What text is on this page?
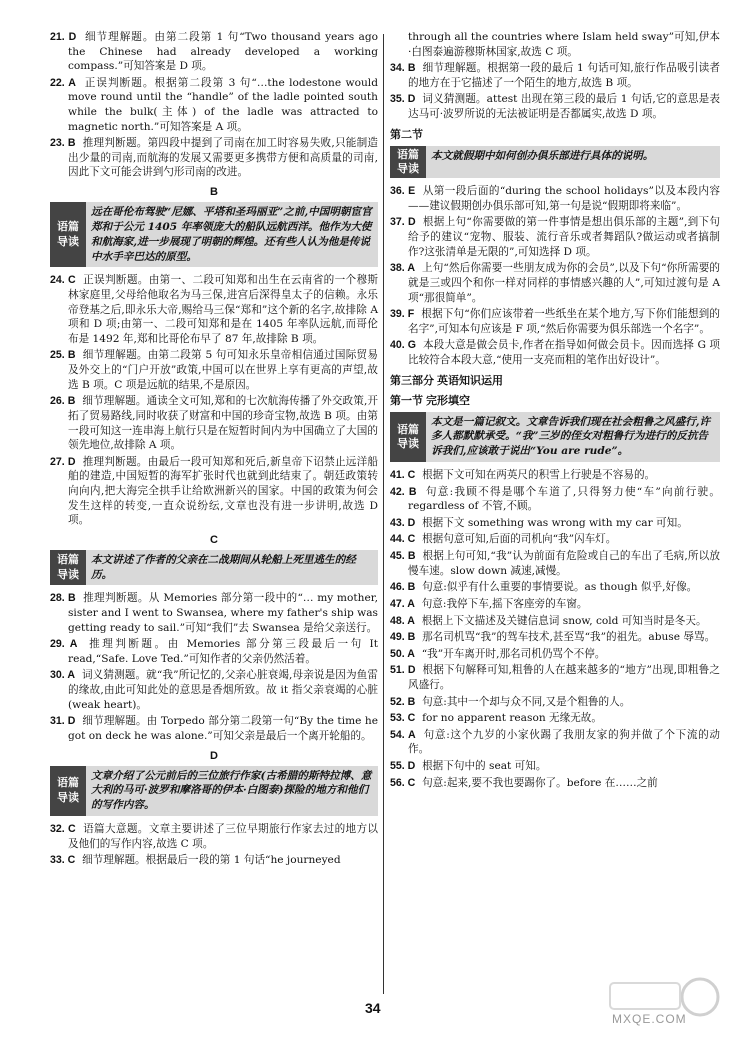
21. D 细节理解题。由第二段第 1 句“Two thousand years ago the Chinese had already developed a working compass.”可知答案是 D 项。

22. A 正误判断题。根据第二段第 3 句“…the lodestone would move round until the “handle” of the ladle pointed south while the bulk(主体) of the ladle was attracted to magnetic north.”可知答案是 A 项。

23. B 推理判断题。第四段中提到了司南在加工时容易失败,只能制造出少量的司南,而航海的发展又需要更多携带方便和高质量的司南,因此下文可能会讲到勺形司南的改进。

B
语篇
导读
远在哥伦布驾驶“尼娜、平塔和圣玛丽亚”之前,中国明朝宦官郑和于公元 1405 年率领庞大的船队远航西洋。他作为大使和航海家,进一步展现了明朝的辉煌。还有些人认为他是传说中水手辛巴达的原型。

24. C 正误判断题。由第一、二段可知郑和出生在云南省的一个穆斯林家庭里,父母给他取名为马三保,进宫后深得皇太子的信赖。永乐帝登基之后,即永乐大帝,赐给马三保“郑和”这个新的名字,故排除 A 项和 D 项;由第一、二段可知郑和是在 1405 年率队远航,而哥伦布是 1492 年,郑和比哥伦布早了 87 年,故排除 B 项。

25. B 细节理解题。由第二段第 5 句可知永乐皇帝相信通过国际贸易及外交上的“门户开放”政策,中国可以在世界上享有更高的声望,故选 B 项。C 项是远航的结果,不是原因。

26. B 细节理解题。通读全文可知,郑和的七次航海传播了外交政策,开拓了贸易路线,同时收获了财富和中国的珍奇宝物,故选 B 项。由第一段可知这一连串海上航行只是在短暂时间内为中国确立了大国的领先地位,故排除 A 项。

27. D 推理判断题。由最后一段可知郑和死后,新皇帝下诏禁止远洋船舶的建造,中国短暂的海军扩张时代也就到此结束了。朝廷政策转向向内,把大海完全拱手让给欧洲新兴的国家。中国的政策为何会发生这样的转变,一直众说纷纭,文章也没有进一步讲明,故选 D 项。

C
语篇
导读
本文讲述了作者的父亲在二战期间从轮船上死里逃生的经历。

28. B 推理判断题。从 Memories 部分第一段中的“… my mother, sister and I went to Swansea, where my father's ship was getting ready to sail.”可知“我们”去 Swansea 是给父亲送行。

29. A 推理判断题。由 Memories 部分第三段最后一句 It read,“Safe. Love Ted.”可知作者的父亲仍然活着。

30. A 词义猜测题。就“我”所记忆的,父亲心脏衰竭,母亲说是因为鱼雷的缘故,由此可知此处的意思是香烟所致。故 it 指父亲衰竭的心脏(weak heart)。

31. D 细节理解题。由 Torpedo 部分第二段第一句“By the time he got on deck he was alone.”可知父亲是最后一个离开轮船的。

D
语篇
导读
文章介绍了公元前后的三位旅行作家(古希腊的斯特拉博、意大利的马可·波罗和摩洛哥的伊本·白图泰)探险的地方和他们的写作内容。

32. C 语篇大意题。文章主要讲述了三位早期旅行作家去过的地方以及他们的写作内容,故选 C 项。

33. C 细节理解题。根据最后一段的第 1 句话“he journeyed

through all the countries where Islam held sway”可知,伊本·白图泰遍游穆斯林国家,故选 C 项。

34. B 细节理解题。根据第一段的最后 1 句话可知,旅行作品吸引读者的地方在于它描述了一个陌生的地方,故选 B 项。

35. D 词义猜测题。attest 出现在第三段的最后 1 句话,它的意思是表达马可·波罗所说的无法被证明是否都属实,故选 D 项。

第二节
语篇
导读
本文就假期中如何创办俱乐部进行具体的说明。

36. E 从第一段后面的“during the school holidays”以及本段内容——建议假期创办俱乐部可知,第一句是说“假期即将来临”。

37. D 根据上句“你需要做的第一件事情是想出俱乐部的主题”,到下句给予的建议“宠物、服装、流行音乐或者舞蹈队?做运动或者搞制作?这张清单是无限的”,可知选择 D 项。

38. A 上句“然后你需要一些朋友成为你的会员”,以及下句“你所需要的就是三或四个和你一样对同样的事情感兴趣的人”,可知过渡句是 A 项“那很简单”。

39. F 根据下句“你们应该带着一些纸坐在某个地方,写下你们能想到的名字”,可知本句应该是 F 项,“然后你需要为俱乐部选一个名字”。

40. G 本段大意是做会员卡,作者在指导如何做会员卡。因而选择 G 项比较符合本段大意,“使用一支亮而粗的笔作出好设计”。

第三部分 英语知识运用
第一节 完形填空
语篇
导读
本文是一篇记叙文。文章告诉我们现在社会粗鲁之风盛行,许多人都默默承受。“我”三岁的侄女对粗鲁行为进行的反抗告诉我们,应该敢于说出“You are rude”。

41. C 根据下文可知在两英尺的积雪上行驶是不容易的。

42. B 句意:我顾不得是哪个车道了,只得努力使“车”向前行驶。regardless of 不管,不顾。

43. D 根据下文 something was wrong with my car 可知。

44. C 根据句意可知,后面的司机向“我”闪车灯。

45. B 根据上句可知,“我”认为前面有危险或自己的车出了毛病,所以放慢车速。slow down 减速,减慢。

46. B 句意:似乎有什么重要的事情要说。as though 似乎,好像。

47. A 句意:我停下车,摇下客座旁的车窗。

48. A 根据上下文描述及关键信息词 snow, cold 可知当时是冬天。

49. B 那名司机骂“我”的驾车技术,甚至骂“我”的祖先。abuse 辱骂。

50. A “我”开车离开时,那名司机仍骂个不停。

51. D 根据下句解释可知,粗鲁的人在越来越多的“地方”出现,即粗鲁之风盛行。

52. B 句意:其中一个却与众不同,又是个粗鲁的人。

53. C for no apparent reason 无缘无故。

54. A 句意:这个九岁的小家伙踢了我朋友家的狗并做了个下流的动作。

55. D 根据下句中的 seat 可知。

56. C 句意:起来,要不我也要踢你了。before 在……之前

34
MXQE.COM
